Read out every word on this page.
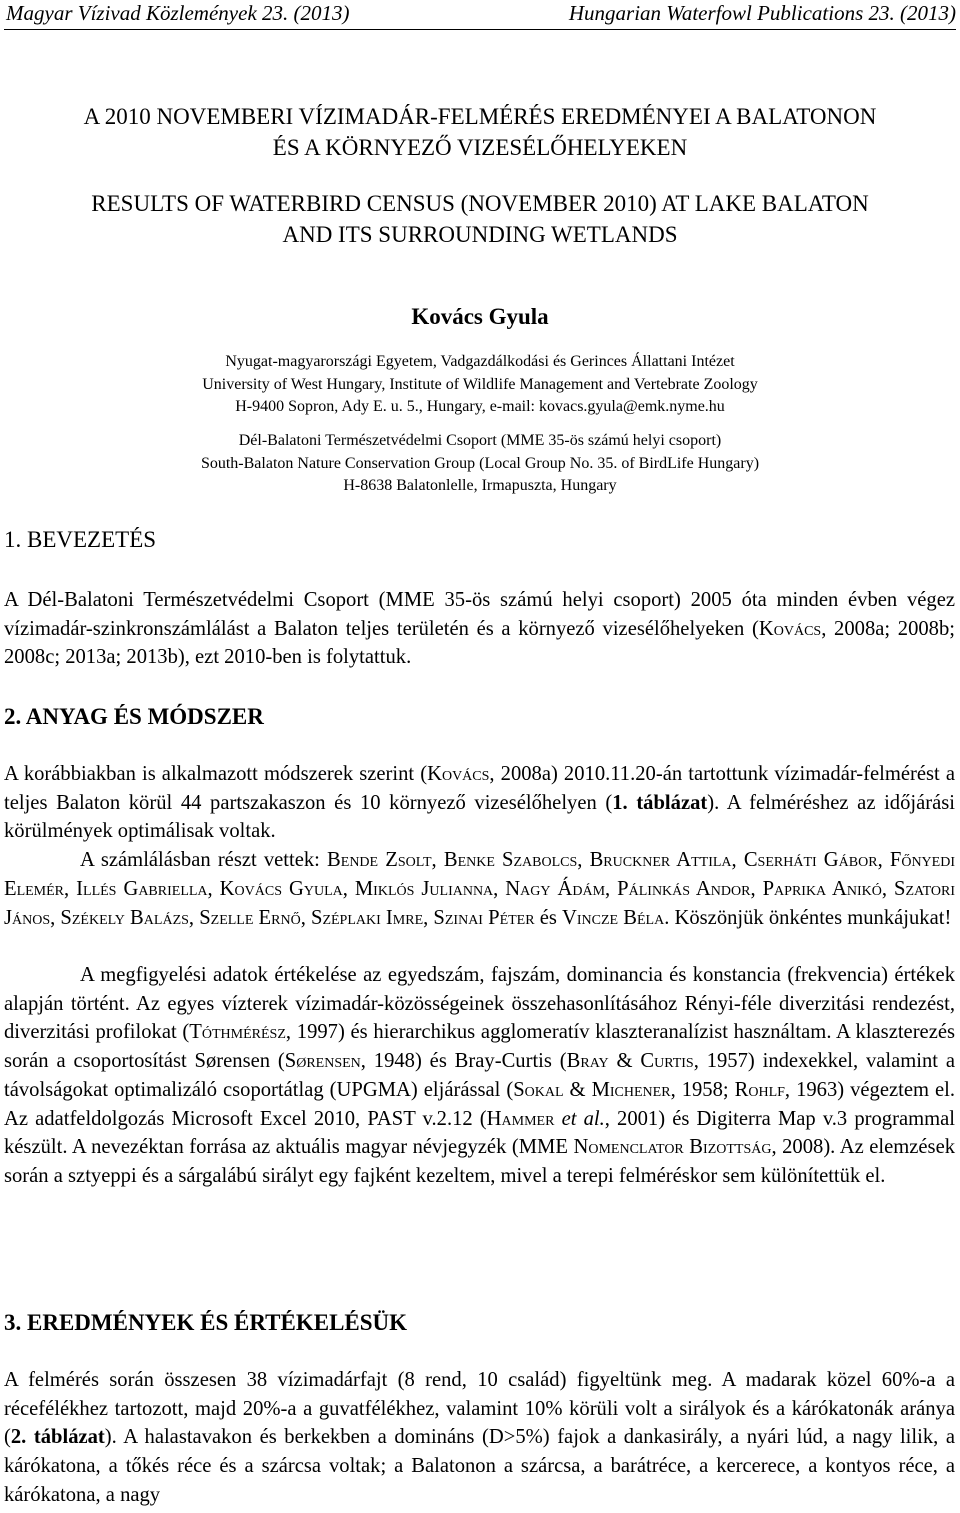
Magyar Vízivad Közlemények 23. (2013)	Hungarian Waterfowl Publications 23. (2013)
A 2010 NOVEMBERI VÍZIMADÁR-FELMÉRÉS EREDMÉNYEI A BALATONON
ÉS A KÖRNYEZŐ VIZESÉLŐHELYEKEN
RESULTS OF WATERBIRD CENSUS (NOVEMBER 2010) AT LAKE BALATON
AND ITS SURROUNDING WETLANDS
Kovács Gyula
Nyugat-magyarországi Egyetem, Vadgazdálkodási és Gerinces Állattani Intézet
University of West Hungary, Institute of Wildlife Management and Vertebrate Zoology
H-9400 Sopron, Ady E. u. 5., Hungary, e-mail: kovacs.gyula@emk.nyme.hu
Dél-Balatoni Természetvédelmi Csoport (MME 35-ös számú helyi csoport)
South-Balaton Nature Conservation Group (Local Group No. 35. of BirdLife Hungary)
H-8638 Balatonlelle, Irmapuszta, Hungary
1. BEVEZETÉS

A Dél-Balatoni Természetvédelmi Csoport (MME 35-ös számú helyi csoport) 2005 óta minden évben végez vízimadár-szinkronszámlálást a Balaton teljes területén és a környező vizesélőhelyeken (Kovács, 2008a; 2008b; 2008c; 2013a; 2013b), ezt 2010-ben is folytattuk.

2. ANYAG ÉS MÓDSZER
A korábbiakban is alkalmazott módszerek szerint (Kovács, 2008a) 2010.11.20-án tartottunk vízimadár-felmérést a teljes Balaton körül 44 partszakaszon és 10 környező vizesélőhelyen (1. táblázat). A felméréshez az időjárási körülmények optimálisak voltak.
A számlálásban részt vettek: Bende Zsolt, Benke Szabolcs, Bruckner Attila, Cserháti Gábor, Főnyedi Elemér, Illés Gabriella, Kovács Gyula, Miklós Julianna, Nagy Ádám, Pálinkás Andor, Paprika Anikó, Szatori János, Székely Balázs, Szelle Ernő, Széplaki Imre, Szinai Péter és Vincze Béla. Köszönjük önkéntes munkájukat!
A megfigyelési adatok értékelése az egyedszám, fajszám, dominancia és konstancia (frekvencia) értékek alapján történt. Az egyes vízterek vízimadár-közösségeinek összehasonlításához Rényi-féle diverzitási rendezést, diverzitási profilokat (Tóthmérész, 1997) és hierarchikus agglomeratív klaszteranalízist használtam. A klaszterezés során a csoportosítást Sørensen (Sørensen, 1948) és Bray-Curtis (Bray & Curtis, 1957) indexekkel, valamint a távolságokat optimalizáló csoportátlag (UPGMA) eljárással (Sokal & Michener, 1958; Rohlf, 1963) végeztem el. Az adatfeldolgozás Microsoft Excel 2010, PAST v.2.12 (Hammer et al., 2001) és Digiterra Map v.3 programmal készült. A nevezéktan forrása az aktuális magyar névjegyzék (MME Nomenclator Bizottság, 2008). Az elemzések során a sztyeppi és a sárgalábú sirályt egy fajként kezeltem, mivel a terepi felméréskor sem különítettük el.
3. EREDMÉNYEK ÉS ÉRTÉKELÉSÜK
A felmérés során összesen 38 vízimadárfajt (8 rend, 10 család) figyeltünk meg. A madarak közel 60%-a a récefélékhez tartozott, majd 20%-a a guvatfélékhez, valamint 10% körüli volt a sirályok és a kárókatonák aránya (2. táblázat). A halastavakon és berkekben a domináns (D>5%) fajok a dankasirály, a nyári lúd, a nagy lilik, a kárókatona, a tőkés réce és a szárcsa voltak; a Balatonon a szárcsa, a barátréce, a kercerece, a kontyos réce, a kárókatona, a nagy
